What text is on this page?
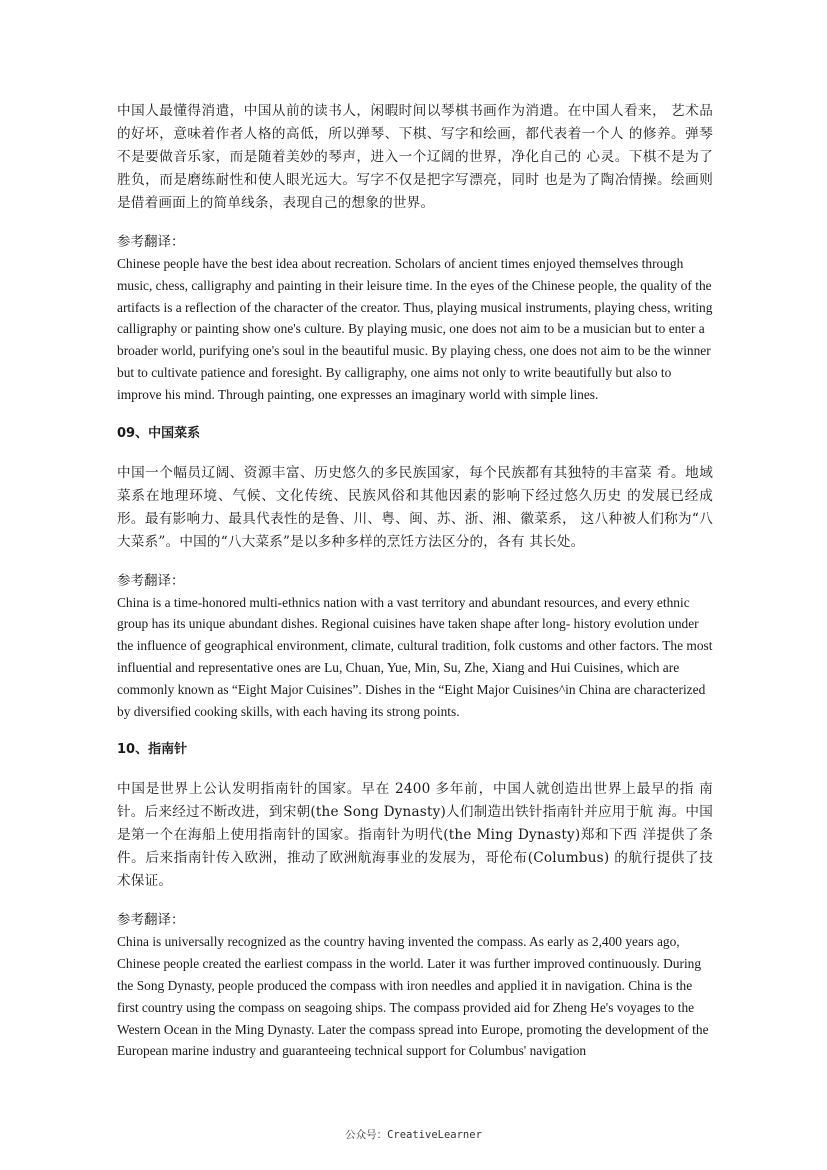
中国人最懂得消遣，中国从前的读书人，闲暇时间以琴棋书画作为消遣。在中国人看来， 艺术品的好坏，意味着作者人格的高低，所以弹琴、下棋、写字和绘画，都代表着一个人 的修养。弹琴不是要做音乐家，而是随着美妙的琴声，进入一个辽阔的世界，净化自己的 心灵。下棋不是为了胜负，而是磨练耐性和使人眼光远大。写字不仅是把字写漂亮，同时 也是为了陶冶情操。绘画则是借着画面上的简单线条，表现自己的想象的世界。

参考翻译：

Chinese people have the best idea about recreation. Scholars of ancient times enjoyed themselves through music, chess, calligraphy and painting in their leisure time. In the eyes of the Chinese people, the quality of the artifacts is a reflection of the character of the creator. Thus, playing musical instruments, playing chess, writing calligraphy or painting show one's culture. By playing music, one does not aim to be a musician but to enter a broader world, purifying one's soul in the beautiful music. By playing chess, one does not aim to be the winner but to cultivate patience and foresight. By calligraphy, one aims not only to write beautifully but also to improve his mind. Through painting, one expresses an imaginary world with simple lines.

09、中国菜系

中国一个幅员辽阔、资源丰富、历史悠久的多民族国家，每个民族都有其独特的丰富菜 肴。地域菜系在地理环境、气候、文化传统、民族风俗和其他因素的影响下经过悠久历史 的发展已经成形。最有影响力、最具代表性的是鲁、川、粤、闽、苏、浙、湘、徽菜系， 这八种被人们称为“八大菜系”。中国的“八大菜系”是以多种多样的烹饪方法区分的，各有 其长处。

参考翻译：

China is a time-honored multi-ethnics nation with a vast territory and abundant resources, and every ethnic group has its unique abundant dishes. Regional cuisines have taken shape after long- history evolution under the influence of geographical environment, climate, cultural tradition, folk customs and other factors. The most influential and representative ones are Lu, Chuan, Yue, Min, Su, Zhe, Xiang and Hui Cuisines, which are commonly known as “Eight Major Cuisines”. Dishes in the “Eight Major Cuisines^in China are characterized by diversified cooking skills, with each having its strong points.

10、指南针

中国是世界上公认发明指南针的国家。早在 2400 多年前，中国人就创造出世界上最早的指 南针。后来经过不断改进，到宋朝(the Song Dynasty)人们制造出铁针指南针并应用于航 海。中国是第一个在海船上使用指南针的国家。指南针为明代(the Ming Dynasty)郑和下西 洋提供了条件。后来指南针传入欧洲，推动了欧洲航海事业的发展为，哥伦布(Columbus) 的航行提供了技术保证。

参考翻译：

China is universally recognized as the country having invented the compass. As early as 2,400 years ago, Chinese people created the earliest compass in the world. Later it was further improved continuously. During the Song Dynasty, people produced the compass with iron needles and applied it in navigation. China is the first country using the compass on seagoing ships. The compass provided aid for Zheng He's voyages to the Western Ocean in the Ming Dynasty. Later the compass spread into Europe, promoting the development of the European marine industry and guaranteeing technical support for Columbus' navigation

公众号：CreativeLearner
